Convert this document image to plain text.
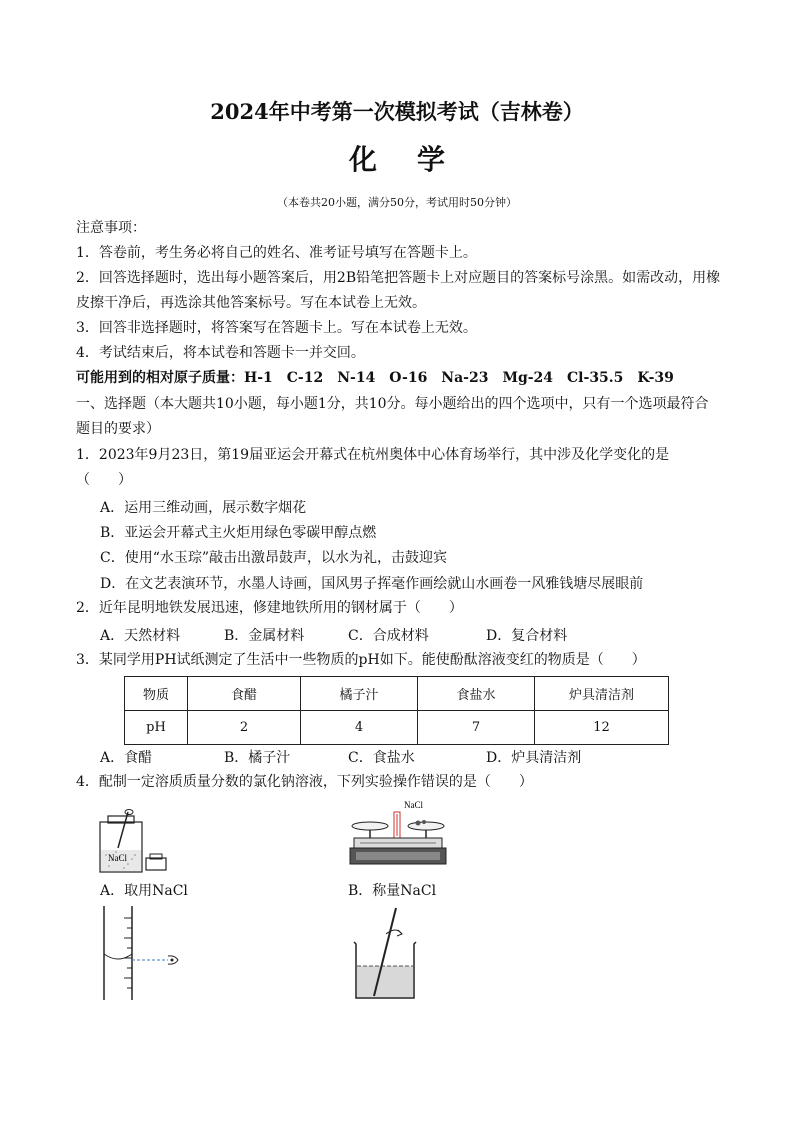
2024年中考第一次模拟考试（吉林卷）
化学
（本卷共20小题，满分50分，考试用时50分钟）
注意事项：
1．答卷前，考生务必将自己的姓名、准考证号填写在答题卡上。
2．回答选择题时，选出每小题答案后，用2B铅笔把答题卡上对应题目的答案标号涂黑。如需改动，用橡
皮擦干净后，再选涂其他答案标号。写在本试卷上无效。
3．回答非选择题时，将答案写在答题卡上。写在本试卷上无效。
4．考试结束后，将本试卷和答题卡一并交回。
可能用到的相对原子质量：H-1　C-12　N-14　O-16　Na-23　Mg-24　Cl-35.5　K-39
一、选择题（本大题共10小题，每小题1分，共10分。每小题给出的四个选项中，只有一个选项最符合
题目的要求）
1．2023年9月23日，第19届亚运会开幕式在杭州奥体中心体育场举行，其中涉及化学变化的是
（　　）
A．运用三维动画，展示数字烟花
B．亚运会开幕式主火炬用绿色零碳甲醇点燃
C．使用“水玉琮”敲击出激昂鼓声，以水为礼，击鼓迎宾
D．在文艺表演环节，水墨人诗画，国风男子挥毫作画绘就山水画卷一风雅钱塘尽展眼前
2．近年昆明地铁发展迅速，修建地铁所用的钢材属于（　　）
A．天然材料	B．金属材料	C．合成材料	D．复合材料
3．某同学用PH试纸测定了生活中一些物质的pH如下。能使酚酞溶液变红的物质是（　　）
物质	食醋	橘子汁	食盐水	炉具清洁剂
pH	2	4	7	12
A．食醋	B．橘子汁	C．食盐水	D．炉具清洁剂
4．配制一定溶质质量分数的氯化钠溶液，下列实验操作错误的是（　　）
NaCl
A．取用NaCl
NaCl
B．称量NaCl
